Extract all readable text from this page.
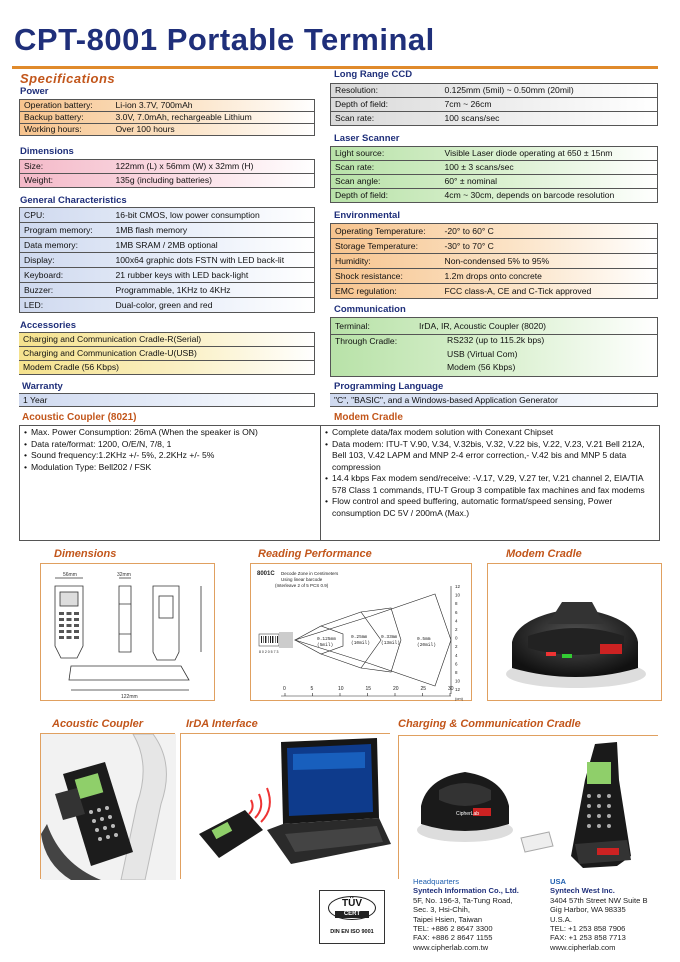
CPT-8001 Portable Terminal
Specifications
Power
Operation battery:	Li-ion 3.7V, 700mAh
Backup battery:	3.0V, 7.0mAh, rechargeable Lithium
Working hours:	Over 100 hours
Dimensions
Size:	122mm (L) x 56mm (W) x 32mm (H)
Weight:	135g (including batteries)
General Characteristics
CPU:	16-bit CMOS, low power consumption
Program memory:	1MB flash memory
Data memory:	1MB SRAM / 2MB optional
Display:	100x64 graphic dots FSTN with LED back-lit
Keyboard:	21 rubber keys with LED back-light
Buzzer:	Programmable, 1KHz to 4KHz
LED:	Dual-color, green and red
Accessories
Charging and Communication Cradle-R(Serial)
Charging and Communication Cradle-U(USB)
Modem Cradle (56 Kbps)
Warranty
1 Year
Acoustic Coupler (8021)
• Max. Power Consumption: 26mA (When the speaker is ON)
• Data rate/format: 1200, O/E/N, 7/8, 1
• Sound frequency:1.2KHz +/- 5%, 2.2KHz +/- 5%
• Modulation Type: Bell202 / FSK
Long Range CCD
Resolution:	0.125mm (5mil) ~ 0.50mm (20mil)
Depth of field:	7cm ~ 26cm
Scan rate:	100 scans/sec
Laser Scanner
Light source:	Visible Laser diode operating at 650 ± 15nm
Scan rate:	100 ± 3 scans/sec
Scan angle:	60° ± nominal
Depth of field:	4cm ~ 30cm, depends on barcode resolution
Environmental
Operating Temperature:	-20° to 60° C
Storage Temperature:	-30° to 70° C
Humidity:	Non-condensed 5% to 95%
Shock resistance:	1.2m drops onto concrete
EMC regulation:	FCC class-A, CE and C-Tick approved
Communication
Terminal:	IrDA, IR, Acoustic Coupler (8020)
Through Cradle:	RS232 (up to 115.2k bps)
USB (Virtual Com)
Modem (56 Kbps)
Programming Language
"C", "BASIC", and a Windows-based Application Generator
Modem Cradle
• Complete data/fax modem solution with Conexant Chipset
• Data modem: ITU-T V.90, V.34, V.32bis, V.32, V.22 bis, V.22, V.23, V.21 Bell 212A, Bell 103, V.42 LAPM and MNP 2-4 error correction,- V.42 bis and MNP 5 data compression
• 14.4 kbps Fax modem send/receive: -V.17, V.29, V.27 ter, V.21 channel 2, EIA/TIA 578 Class 1 commands, ITU-T Group 3 compatible fax machines and fax modems
• Flow control and speed buffering, automatic format/speed sensing, Power consumption DC 5V / 200mA (Max.)
Dimensions
56mm	32mm
122mm
Reading Performance
8001C Decode Zone in Centimeters
Using linear barcode
(Interleave 2 of 5 PCS 0.9)
8 0 2 0 5 7 3
0.125mm
(5mil)
0.25mm
(10mil)
0.33mm
(13mil)
0.5mm
(20mil)
0	5	10	15	20	25	30
12
10
8
6
4
2
0
2
4
6
8
10
12
(cm)
Modem Cradle
Acoustic Coupler	IrDA Interface	Charging & Communication Cradle
CipherLab
TÜV
CERT
DIN EN ISO 9001
Headquarters
Syntech Information Co., Ltd.
5F, No. 196-3, Ta-Tung Road,
Sec. 3, Hsi-Chih,
Taipei Hsien, Taiwan
TEL: +886 2 8647 3300
FAX: +886 2 8647 1155
www.cipherlab.com.tw
USA
Syntech West Inc.
3404 57th Street NW Suite B
Gig Harbor, WA 98335
U.S.A.
TEL: +1 253 858 7906
FAX: +1 253 858 7713
www.cipherlab.com
